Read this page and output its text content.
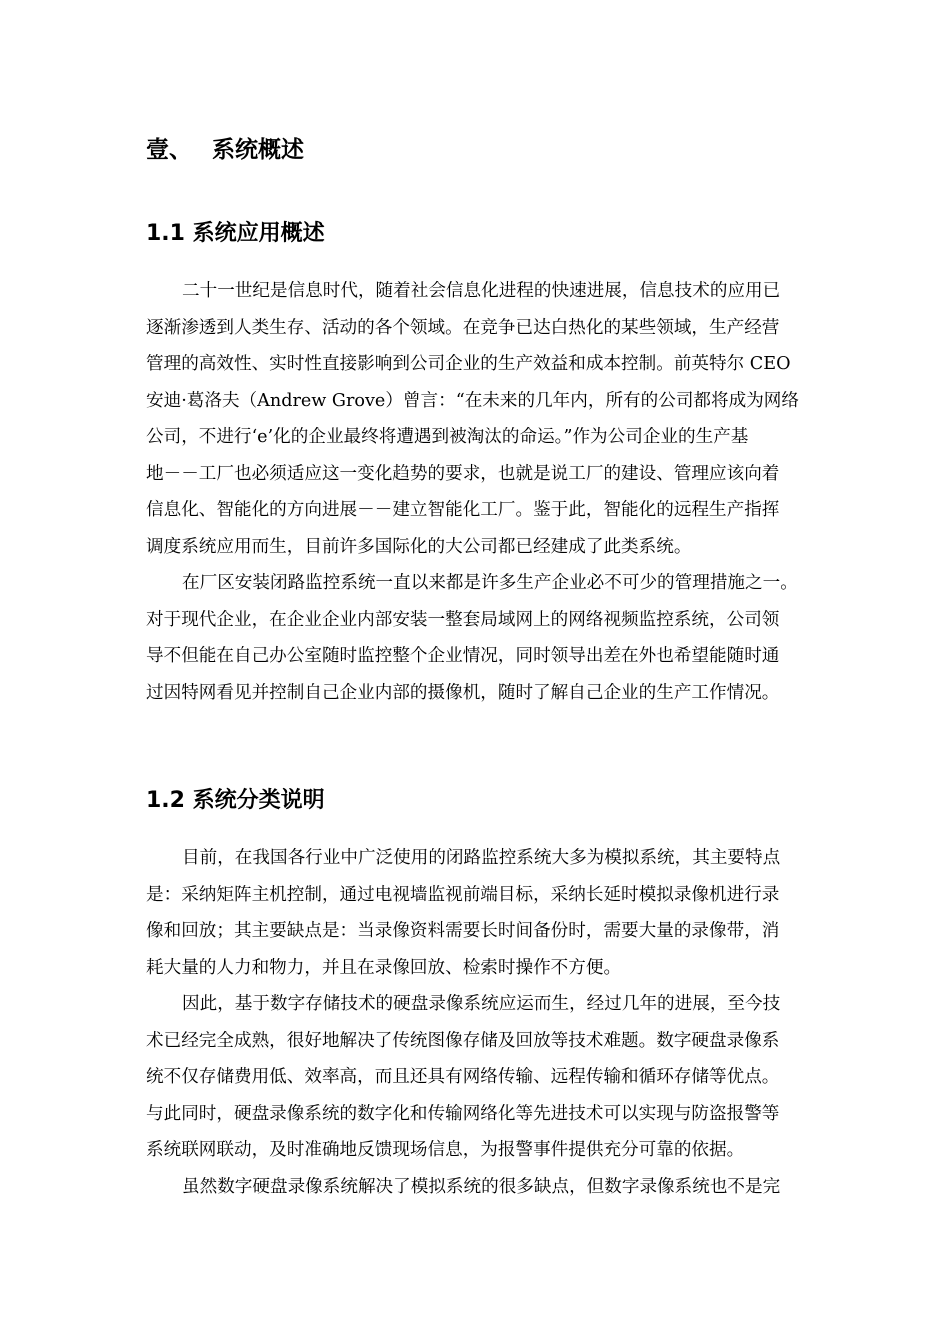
壹、 系统概述
1.1 系统应用概述
二十一世纪是信息时代，随着社会信息化进程的快速进展，信息技术的应用已
逐渐渗透到人类生存、活动的各个领域。在竞争已达白热化的某些领域，生产经营
管理的高效性、实时性直接影响到公司企业的生产效益和成本控制。前英特尔 CEO
安迪·葛洛夫（Andrew Grove）曾言：“在未来的几年内，所有的公司都将成为网络
公司，不进行‘e’化的企业最终将遭遇到被淘汰的命运。”作为公司企业的生产基
地－－工厂也必须适应这一变化趋势的要求，也就是说工厂的建设、管理应该向着
信息化、智能化的方向进展－－建立智能化工厂。鉴于此，智能化的远程生产指挥
调度系统应用而生，目前许多国际化的大公司都已经建成了此类系统。
在厂区安装闭路监控系统一直以来都是许多生产企业必不可少的管理措施之一。
对于现代企业，在企业企业内部安装一整套局域网上的网络视频监控系统，公司领
导不但能在自己办公室随时监控整个企业情况，同时领导出差在外也希望能随时通
过因特网看见并控制自己企业内部的摄像机，随时了解自己企业的生产工作情况。
1.2 系统分类说明
目前，在我国各行业中广泛使用的闭路监控系统大多为模拟系统，其主要特点
是：采纳矩阵主机控制，通过电视墙监视前端目标，采纳长延时模拟录像机进行录
像和回放；其主要缺点是：当录像资料需要长时间备份时，需要大量的录像带，消
耗大量的人力和物力，并且在录像回放、检索时操作不方便。
因此，基于数字存储技术的硬盘录像系统应运而生，经过几年的进展，至今技
术已经完全成熟，很好地解决了传统图像存储及回放等技术难题。数字硬盘录像系
统不仅存储费用低、效率高，而且还具有网络传输、远程传输和循环存储等优点。
与此同时，硬盘录像系统的数字化和传输网络化等先进技术可以实现与防盗报警等
系统联网联动，及时准确地反馈现场信息，为报警事件提供充分可靠的依据。
虽然数字硬盘录像系统解决了模拟系统的很多缺点，但数字录像系统也不是完
